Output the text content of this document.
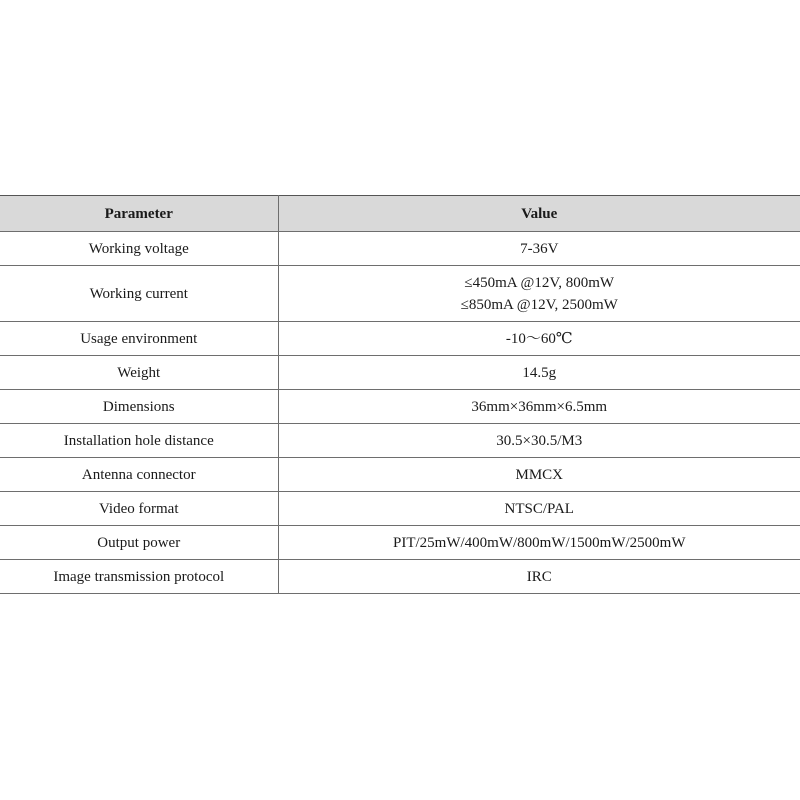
Parameter	Value
Working voltage	7-36V

Working current	≤450mA @12V, 800mW
≤850mA @12V, 2500mW

Usage environment	-10～60℃

Weight	14.5g

Dimensions	36mm×36mm×6.5mm

Installation hole distance	30.5×30.5/M3

Antenna connector	MMCX

Video format	NTSC/PAL

Output power	PIT/25mW/400mW/800mW/1500mW/2500mW

Image transmission protocol	IRC
